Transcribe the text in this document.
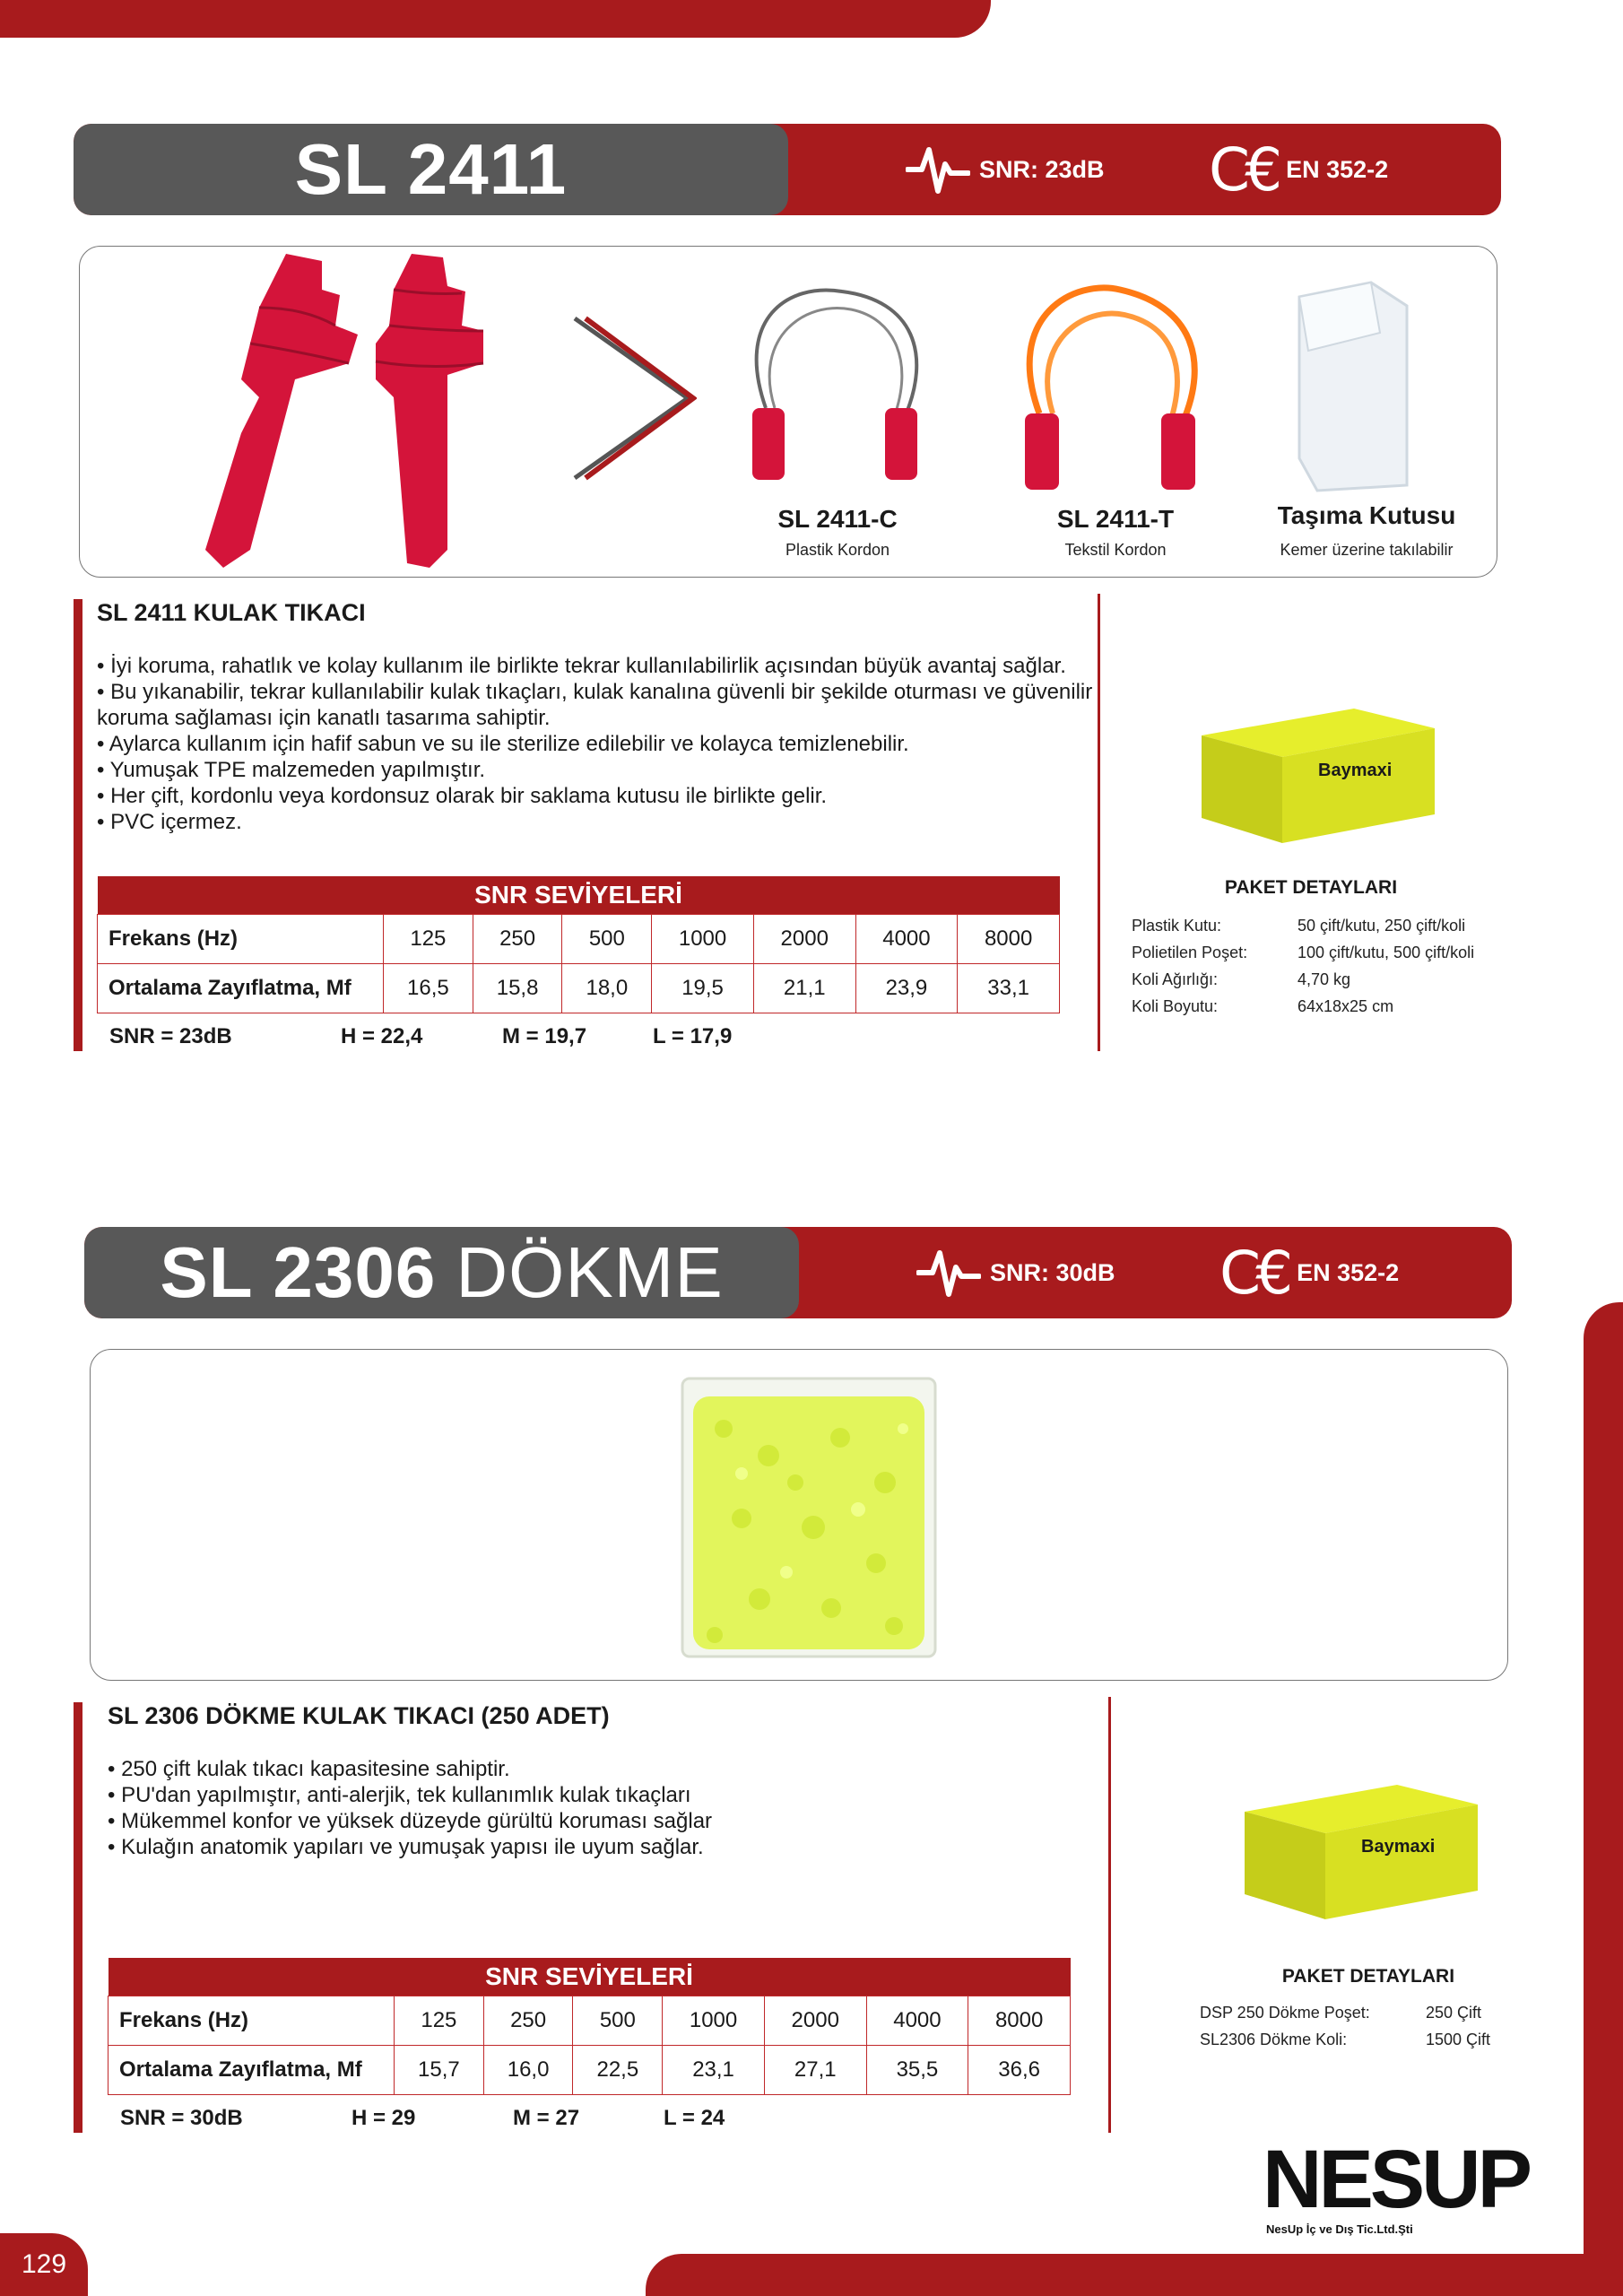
129
SL 2411	SNR: 23dB C€ EN 352-2
SL 2411-C
Plastik Kordon
SL 2411-T
Tekstil Kordon
Taşıma Kutusu
Kemer üzerine takılabilir
SL 2411 KULAK TIKACI
• İyi koruma, rahatlık ve kolay kullanım ile birlikte tekrar kullanılabilirlik açısından büyük avantaj sağlar.
• Bu yıkanabilir, tekrar kullanılabilir kulak tıkaçları, kulak kanalına güvenli bir şekilde oturması ve güvenilir koruma sağlaması için kanatlı tasarıma sahiptir.
• Aylarca kullanım için hafif sabun ve su ile sterilize edilebilir ve kolayca temizlenebilir.
• Yumuşak TPE malzemeden yapılmıştır.
• Her çift, kordonlu veya kordonsuz olarak bir saklama kutusu ile birlikte gelir.
• PVC içermez.
SNR SEVİYELERİ							
Frekans (Hz)	125	250	500	1000	2000	4000	8000
Ortalama Zayıflatma, Mf	16,5	15,8	18,0	19,5	21,1	23,9	33,1
SNR = 23dB	H = 22,4	M = 19,7	L = 17,9
Baymaxi
PAKET DETAYLARI
Plastik Kutu:	50 çift/kutu, 250 çift/koli
Polietilen Poşet:	100 çift/kutu, 500 çift/koli
Koli Ağırlığı:	4,70 kg
Koli Boyutu:	64x18x25 cm
SL 2306 DÖKME	SNR: 30dB C€ EN 352-2
SL 2306 DÖKME KULAK TIKACI (250 ADET)
• 250 çift kulak tıkacı kapasitesine sahiptir.
• PU'dan yapılmıştır, anti-alerjik, tek kullanımlık kulak tıkaçları
• Mükemmel konfor ve yüksek düzeyde gürültü koruması sağlar
• Kulağın anatomik yapıları ve yumuşak yapısı ile uyum sağlar.
SNR SEVİYELERİ							
Frekans (Hz)	125	250	500	1000	2000	4000	8000
Ortalama Zayıflatma, Mf	15,7	16,0	22,5	23,1	27,1	35,5	36,6
SNR = 30dB	H = 29	M = 27	L = 24
Baymaxi
PAKET DETAYLARI
DSP 250 Dökme Poşet:	250 Çift
SL2306 Dökme Koli:	1500 Çift
NESUP
NesUp İç ve Dış Tic.Ltd.Şti
